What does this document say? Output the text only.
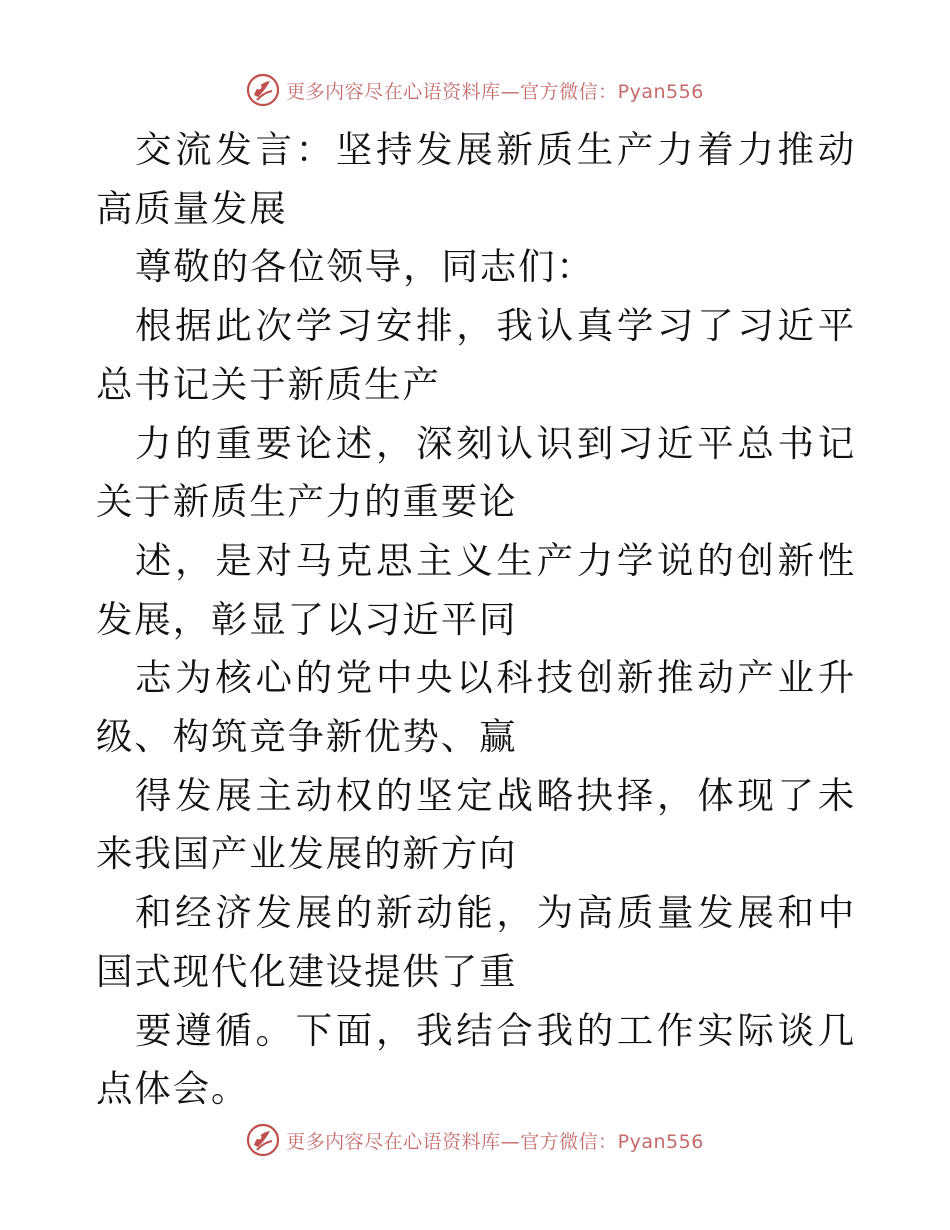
更多内容尽在心语资料库—官方微信：Pyan556

交流发言：坚持发展新质生产力着力推动高质量发展

尊敬的各位领导，同志们：

根据此次学习安排，我认真学习了习近平总书记关于新质生产

力的重要论述，深刻认识到习近平总书记关于新质生产力的重要论

述，是对马克思主义生产力学说的创新性发展，彰显了以习近平同

志为核心的党中央以科技创新推动产业升级、构筑竞争新优势、赢

得发展主动权的坚定战略抉择，体现了未来我国产业发展的新方向

和经济发展的新动能，为高质量发展和中国式现代化建设提供了重

要遵循。下面，我结合我的工作实际谈几点体会。

更多内容尽在心语资料库—官方微信：Pyan556
